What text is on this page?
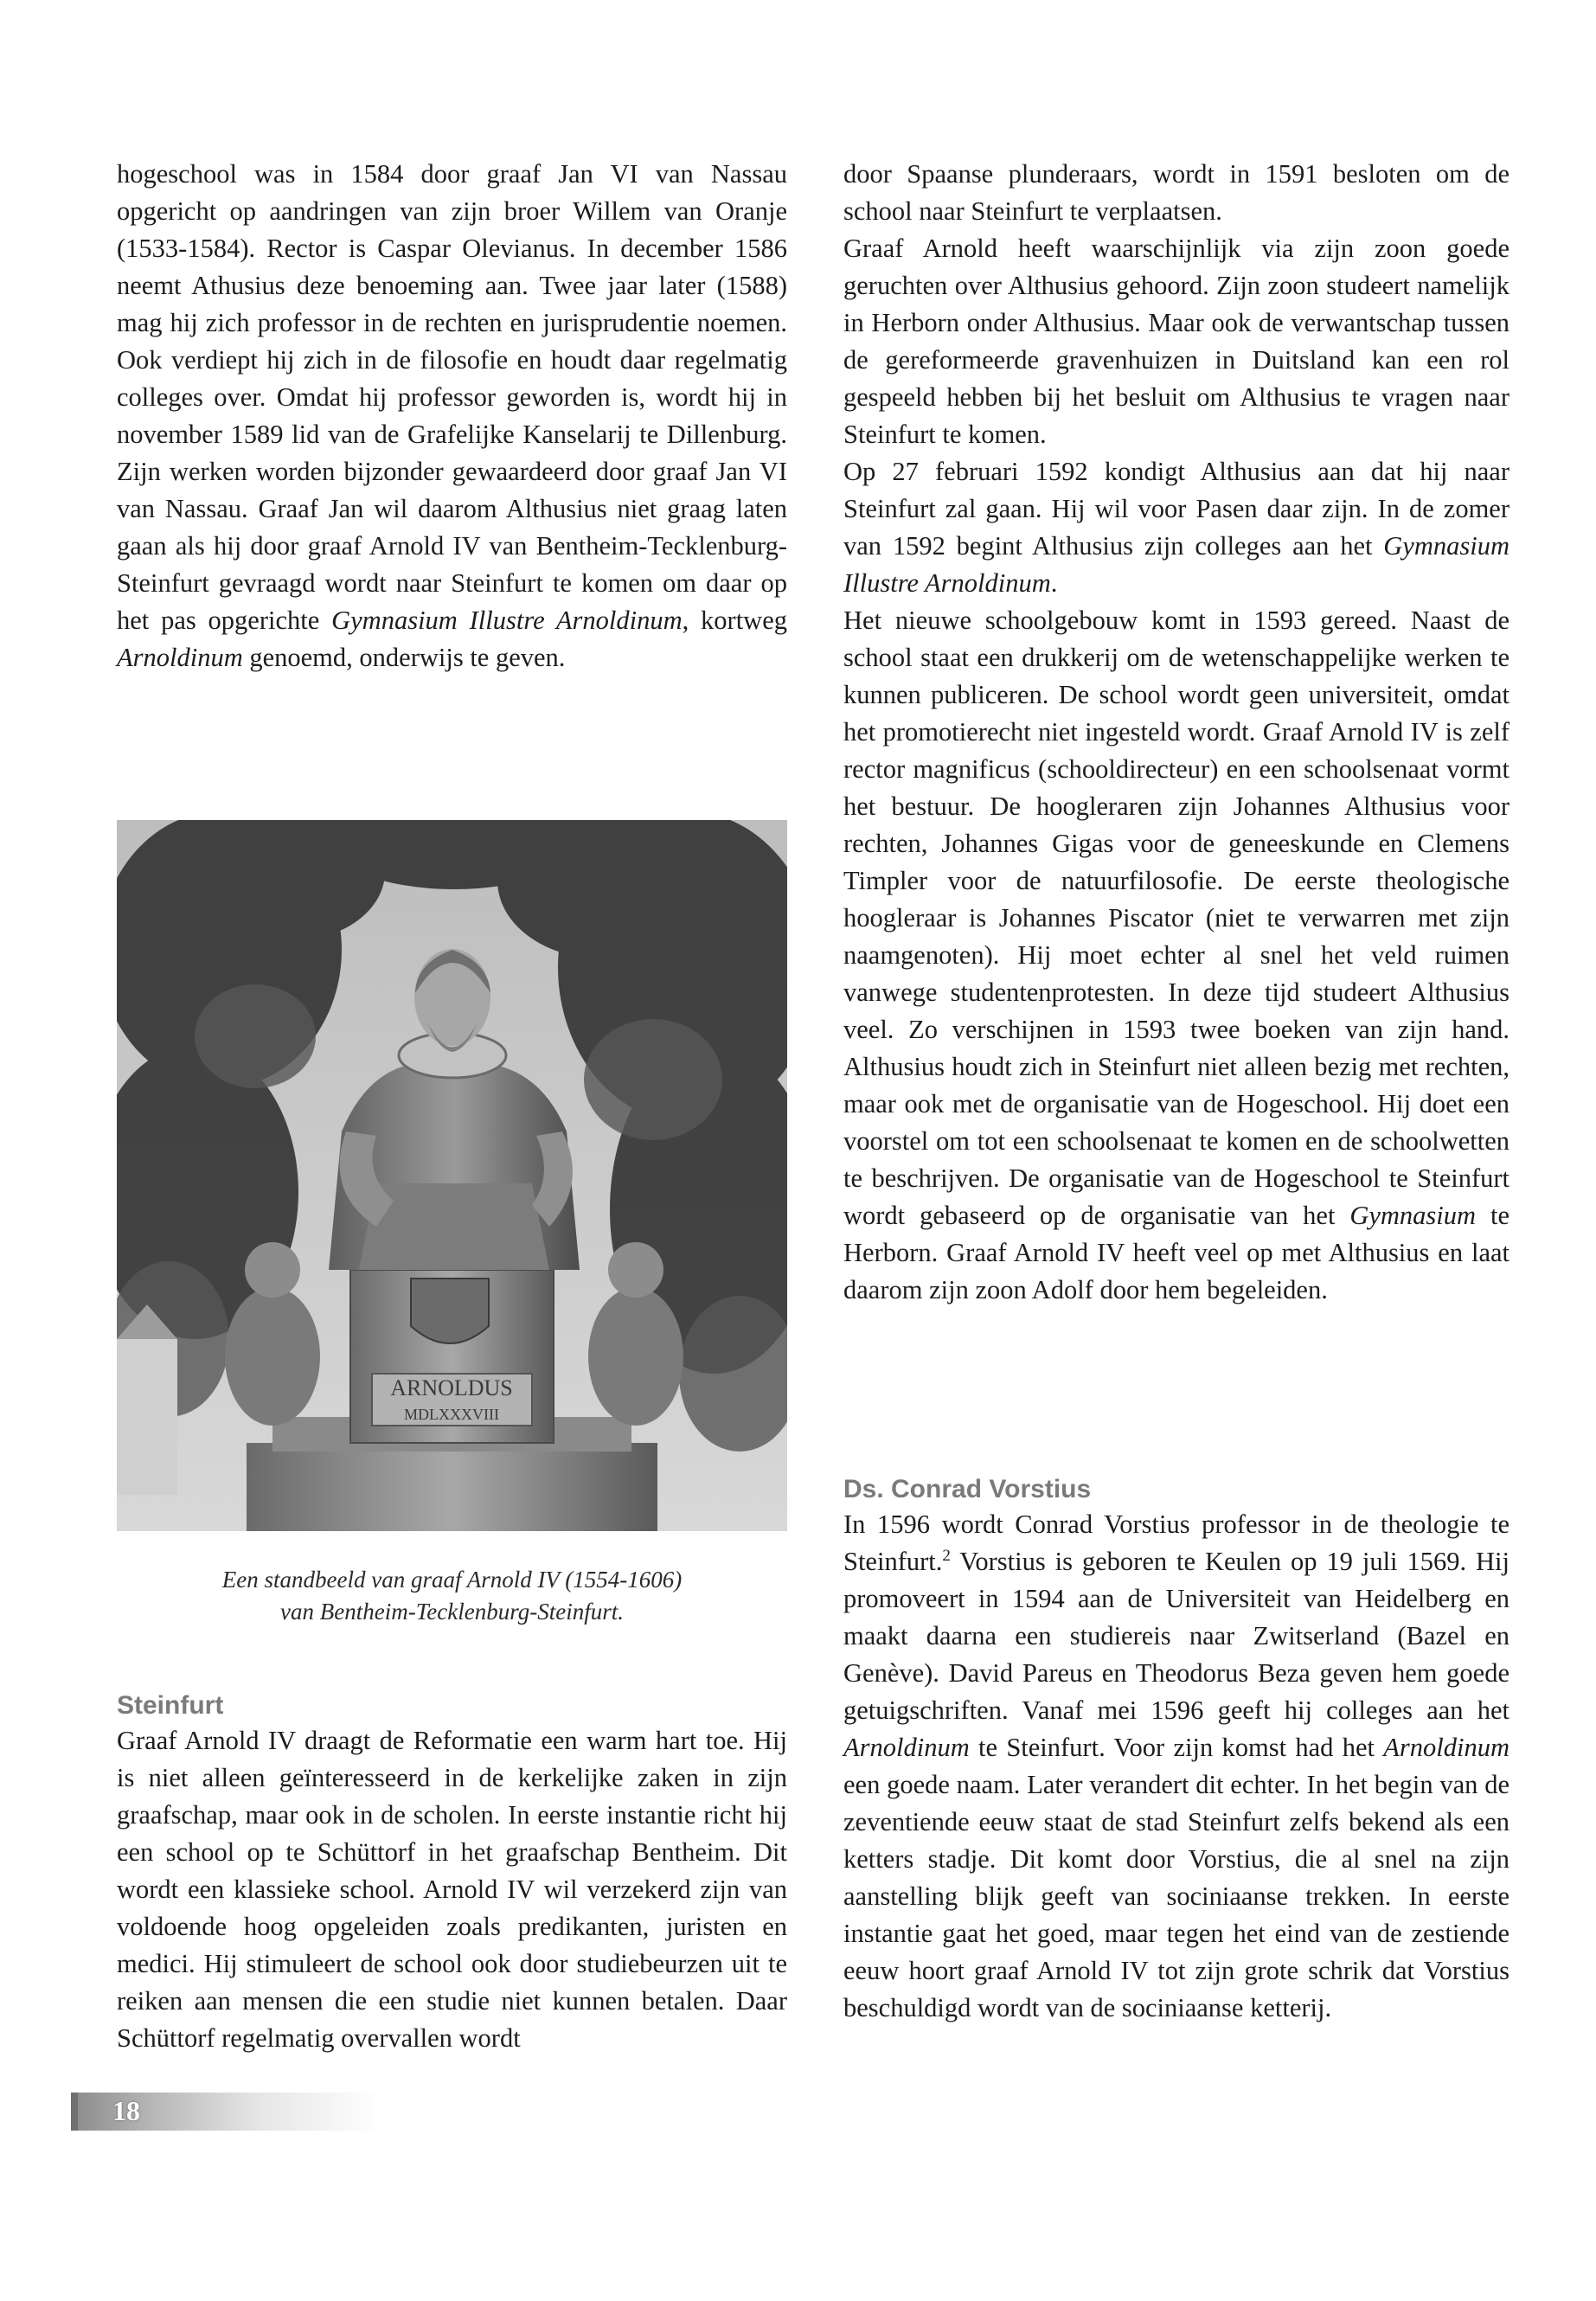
hogeschool was in 1584 door graaf Jan VI van Nassau opgericht op aandringen van zijn broer Willem van Oranje (1533-1584). Rector is Caspar Olevianus. In december 1586 neemt Athusius deze benoeming aan. Twee jaar later (1588) mag hij zich professor in de rechten en jurisprudentie noemen. Ook verdiept hij zich in de filosofie en houdt daar regelmatig colleges over. Omdat hij professor geworden is, wordt hij in november 1589 lid van de Grafelijke Kanselarij te Dillenburg. Zijn werken worden bijzonder gewaardeerd door graaf Jan VI van Nassau. Graaf Jan wil daarom Althusius niet graag laten gaan als hij door graaf Arnold IV van Bentheim-Tecklenburg-Steinfurt gevraagd wordt naar Steinfurt te komen om daar op het pas opgerichte Gymnasium Illustre Arnoldinum, kortweg Arnoldinum genoemd, onderwijs te geven.

ARNOLDUS
MDLXXXVIII
Een standbeeld van graaf Arnold IV (1554-1606)
van Bentheim-Tecklenburg-Steinfurt.
Steinfurt

Graaf Arnold IV draagt de Reformatie een warm hart toe. Hij is niet alleen geïnteresseerd in de kerkelijke zaken in zijn graafschap, maar ook in de scholen. In eerste instantie richt hij een school op te Schüttorf in het graafschap Bentheim. Dit wordt een klassieke school. Arnold IV wil verzekerd zijn van voldoende hoog opgeleiden zoals predikanten, juristen en medici. Hij stimuleert de school ook door studiebeurzen uit te reiken aan mensen die een studie niet kunnen betalen. Daar Schüttorf regelmatig overvallen wordt

door Spaanse plunderaars, wordt in 1591 besloten om de school naar Steinfurt te verplaatsen.

Graaf Arnold heeft waarschijnlijk via zijn zoon goede geruchten over Althusius gehoord. Zijn zoon studeert namelijk in Herborn onder Althusius. Maar ook de verwantschap tussen de gereformeerde gravenhuizen in Duitsland kan een rol gespeeld hebben bij het besluit om Althusius te vragen naar Steinfurt te komen.

Op 27 februari 1592 kondigt Althusius aan dat hij naar Steinfurt zal gaan. Hij wil voor Pasen daar zijn. In de zomer van 1592 begint Althusius zijn colleges aan het Gymnasium Illustre Arnoldinum.

Het nieuwe schoolgebouw komt in 1593 gereed. Naast de school staat een drukkerij om de wetenschappelijke werken te kunnen publiceren. De school wordt geen universiteit, omdat het promotierecht niet ingesteld wordt. Graaf Arnold IV is zelf rector magnificus (schooldirecteur) en een schoolsenaat vormt het bestuur. De hoogleraren zijn Johannes Althusius voor rechten, Johannes Gigas voor de geneeskunde en Clemens Timpler voor de natuurfilosofie. De eerste theologische hoogleraar is Johannes Piscator (niet te verwarren met zijn naamgenoten). Hij moet echter al snel het veld ruimen vanwege studentenprotesten. In deze tijd studeert Althusius veel. Zo verschijnen in 1593 twee boeken van zijn hand. Althusius houdt zich in Steinfurt niet alleen bezig met rechten, maar ook met de organisatie van de Hogeschool. Hij doet een voorstel om tot een schoolsenaat te komen en de schoolwetten te beschrijven. De organisatie van de Hogeschool te Steinfurt wordt gebaseerd op de organisatie van het Gymnasium te Herborn. Graaf Arnold IV heeft veel op met Althusius en laat daarom zijn zoon Adolf door hem begeleiden.

Ds. Conrad Vorstius

In 1596 wordt Conrad Vorstius professor in de theologie te Steinfurt.$^2$ Vorstius is geboren te Keulen op 19 juli 1569. Hij promoveert in 1594 aan de Universiteit van Heidelberg en maakt daarna een studiereis naar Zwitserland (Bazel en Genève). David Pareus en Theodorus Beza geven hem goede getuigschriften. Vanaf mei 1596 geeft hij colleges aan het Arnoldinum te Steinfurt. Voor zijn komst had het Arnoldinum een goede naam. Later verandert dit echter. In het begin van de zeventiende eeuw staat de stad Steinfurt zelfs bekend als een ketters stadje. Dit komt door Vorstius, die al snel na zijn aanstelling blijk geeft van sociniaanse trekken. In eerste instantie gaat het goed, maar tegen het eind van de zestiende eeuw hoort graaf Arnold IV tot zijn grote schrik dat Vorstius beschuldigd wordt van de sociniaanse ketterij.

18
